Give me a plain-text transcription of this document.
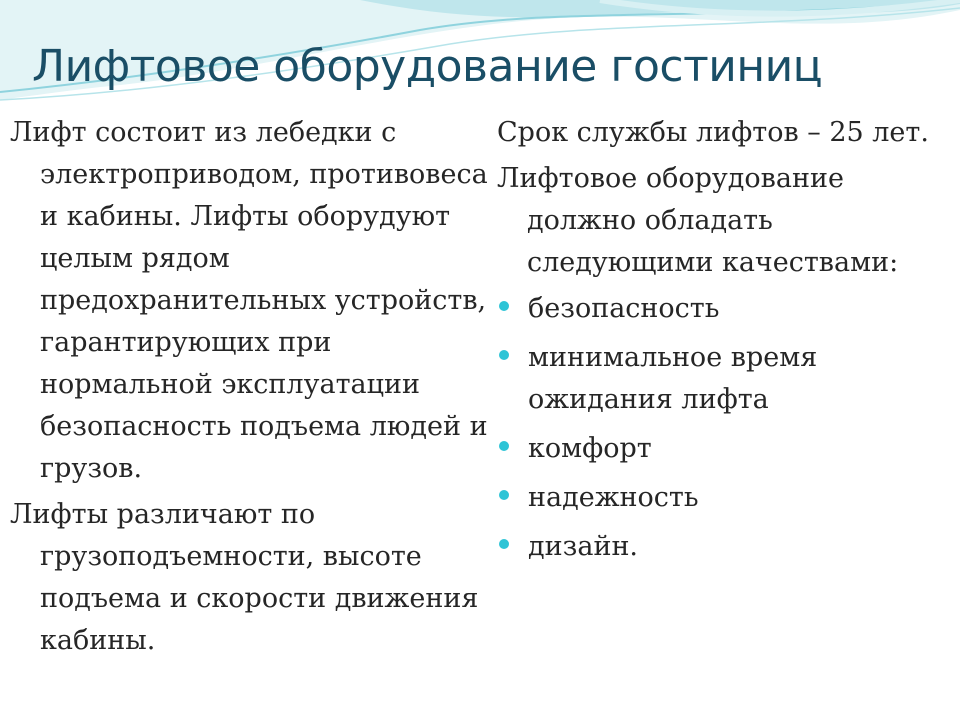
Лифтовое оборудование гостиниц

Лифт состоит из лебедки с электроприводом, противовеса и кабины. Лифты оборудуют целым рядом предохранительных устройств, гарантирующих при нормальной эксплуатации безопасность подъема людей и грузов.

Лифты различают по грузоподъемности, высоте подъема и скорости движения кабины.

Срок службы лифтов – 25 лет.

Лифтовое оборудование должно обладать следующими качествами:

безопасность
минимальное время ожидания лифта
комфорт
надежность
дизайн.
